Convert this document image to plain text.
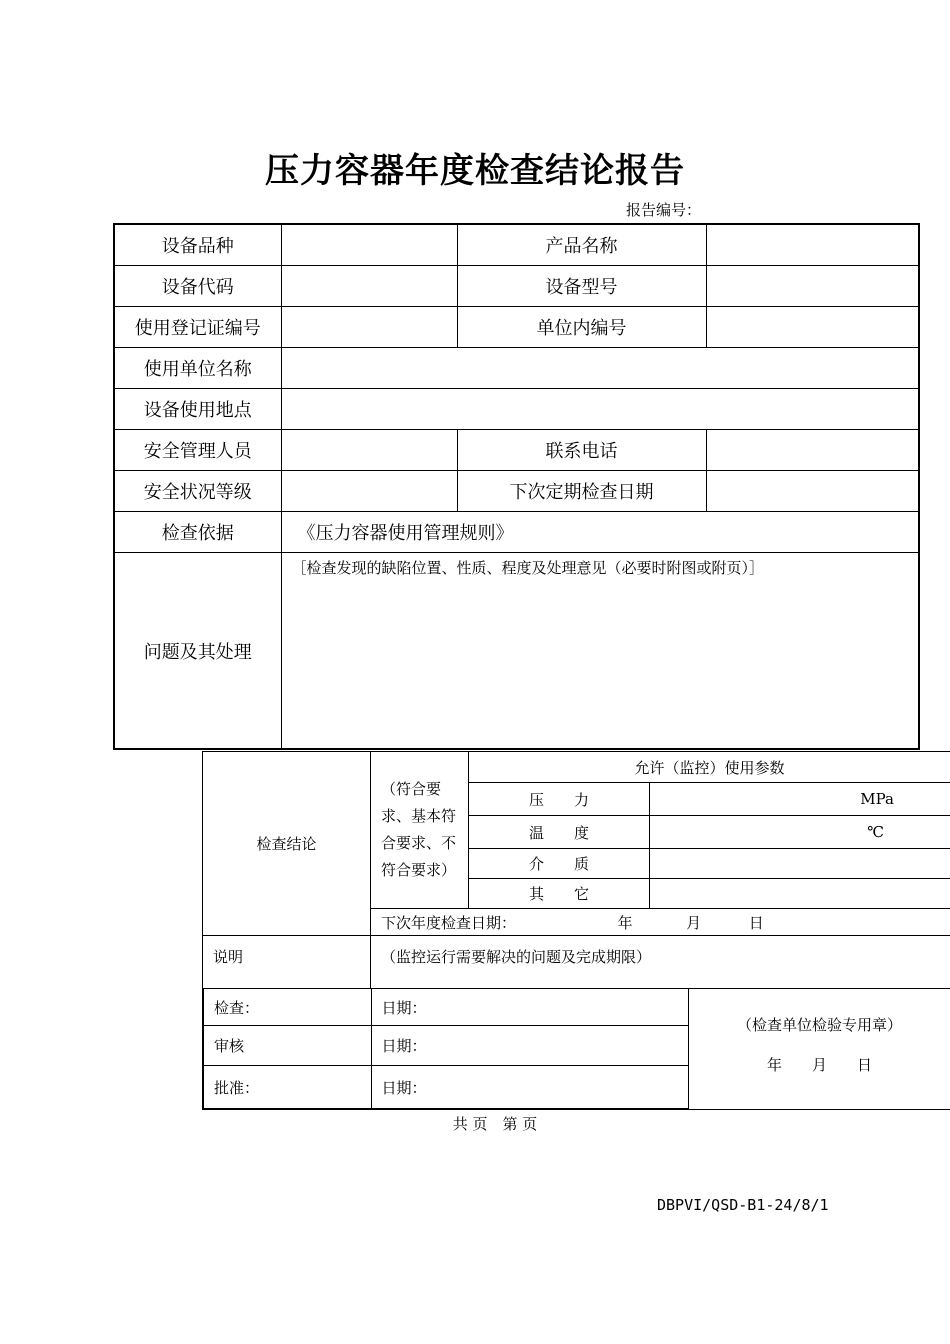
压力容器年度检查结论报告
报告编号：
设备品种		产品名称	
设备代码		设备型号	
使用登记证编号		单位内编号	
使用单位名称			
设备使用地点			
安全管理人员		联系电话	
安全状况等级		下次定期检查日期	
检查依据	《压力容器使用管理规则》		
问题及其处理	［检查发现的缺陷位置、性质、程度及处理意见（必要时附图或附页）］		
检查结论	（符合要求、基本符合要求、不符合要求）	允许（监控）使用参数	
		压　　力	MPa
		温　　度	℃
		介　　质	
		其　　它	
	下次年度检查日期： 年 月 日		
说明	（监控运行需要解决的问题及完成期限）		
检查：	日期：	（检查单位检验专用章）
年　　月　　日

审核	日期：	
批准：	日期：	
共 页　第 页
DBPVI/QSD-B1-24/8/1
